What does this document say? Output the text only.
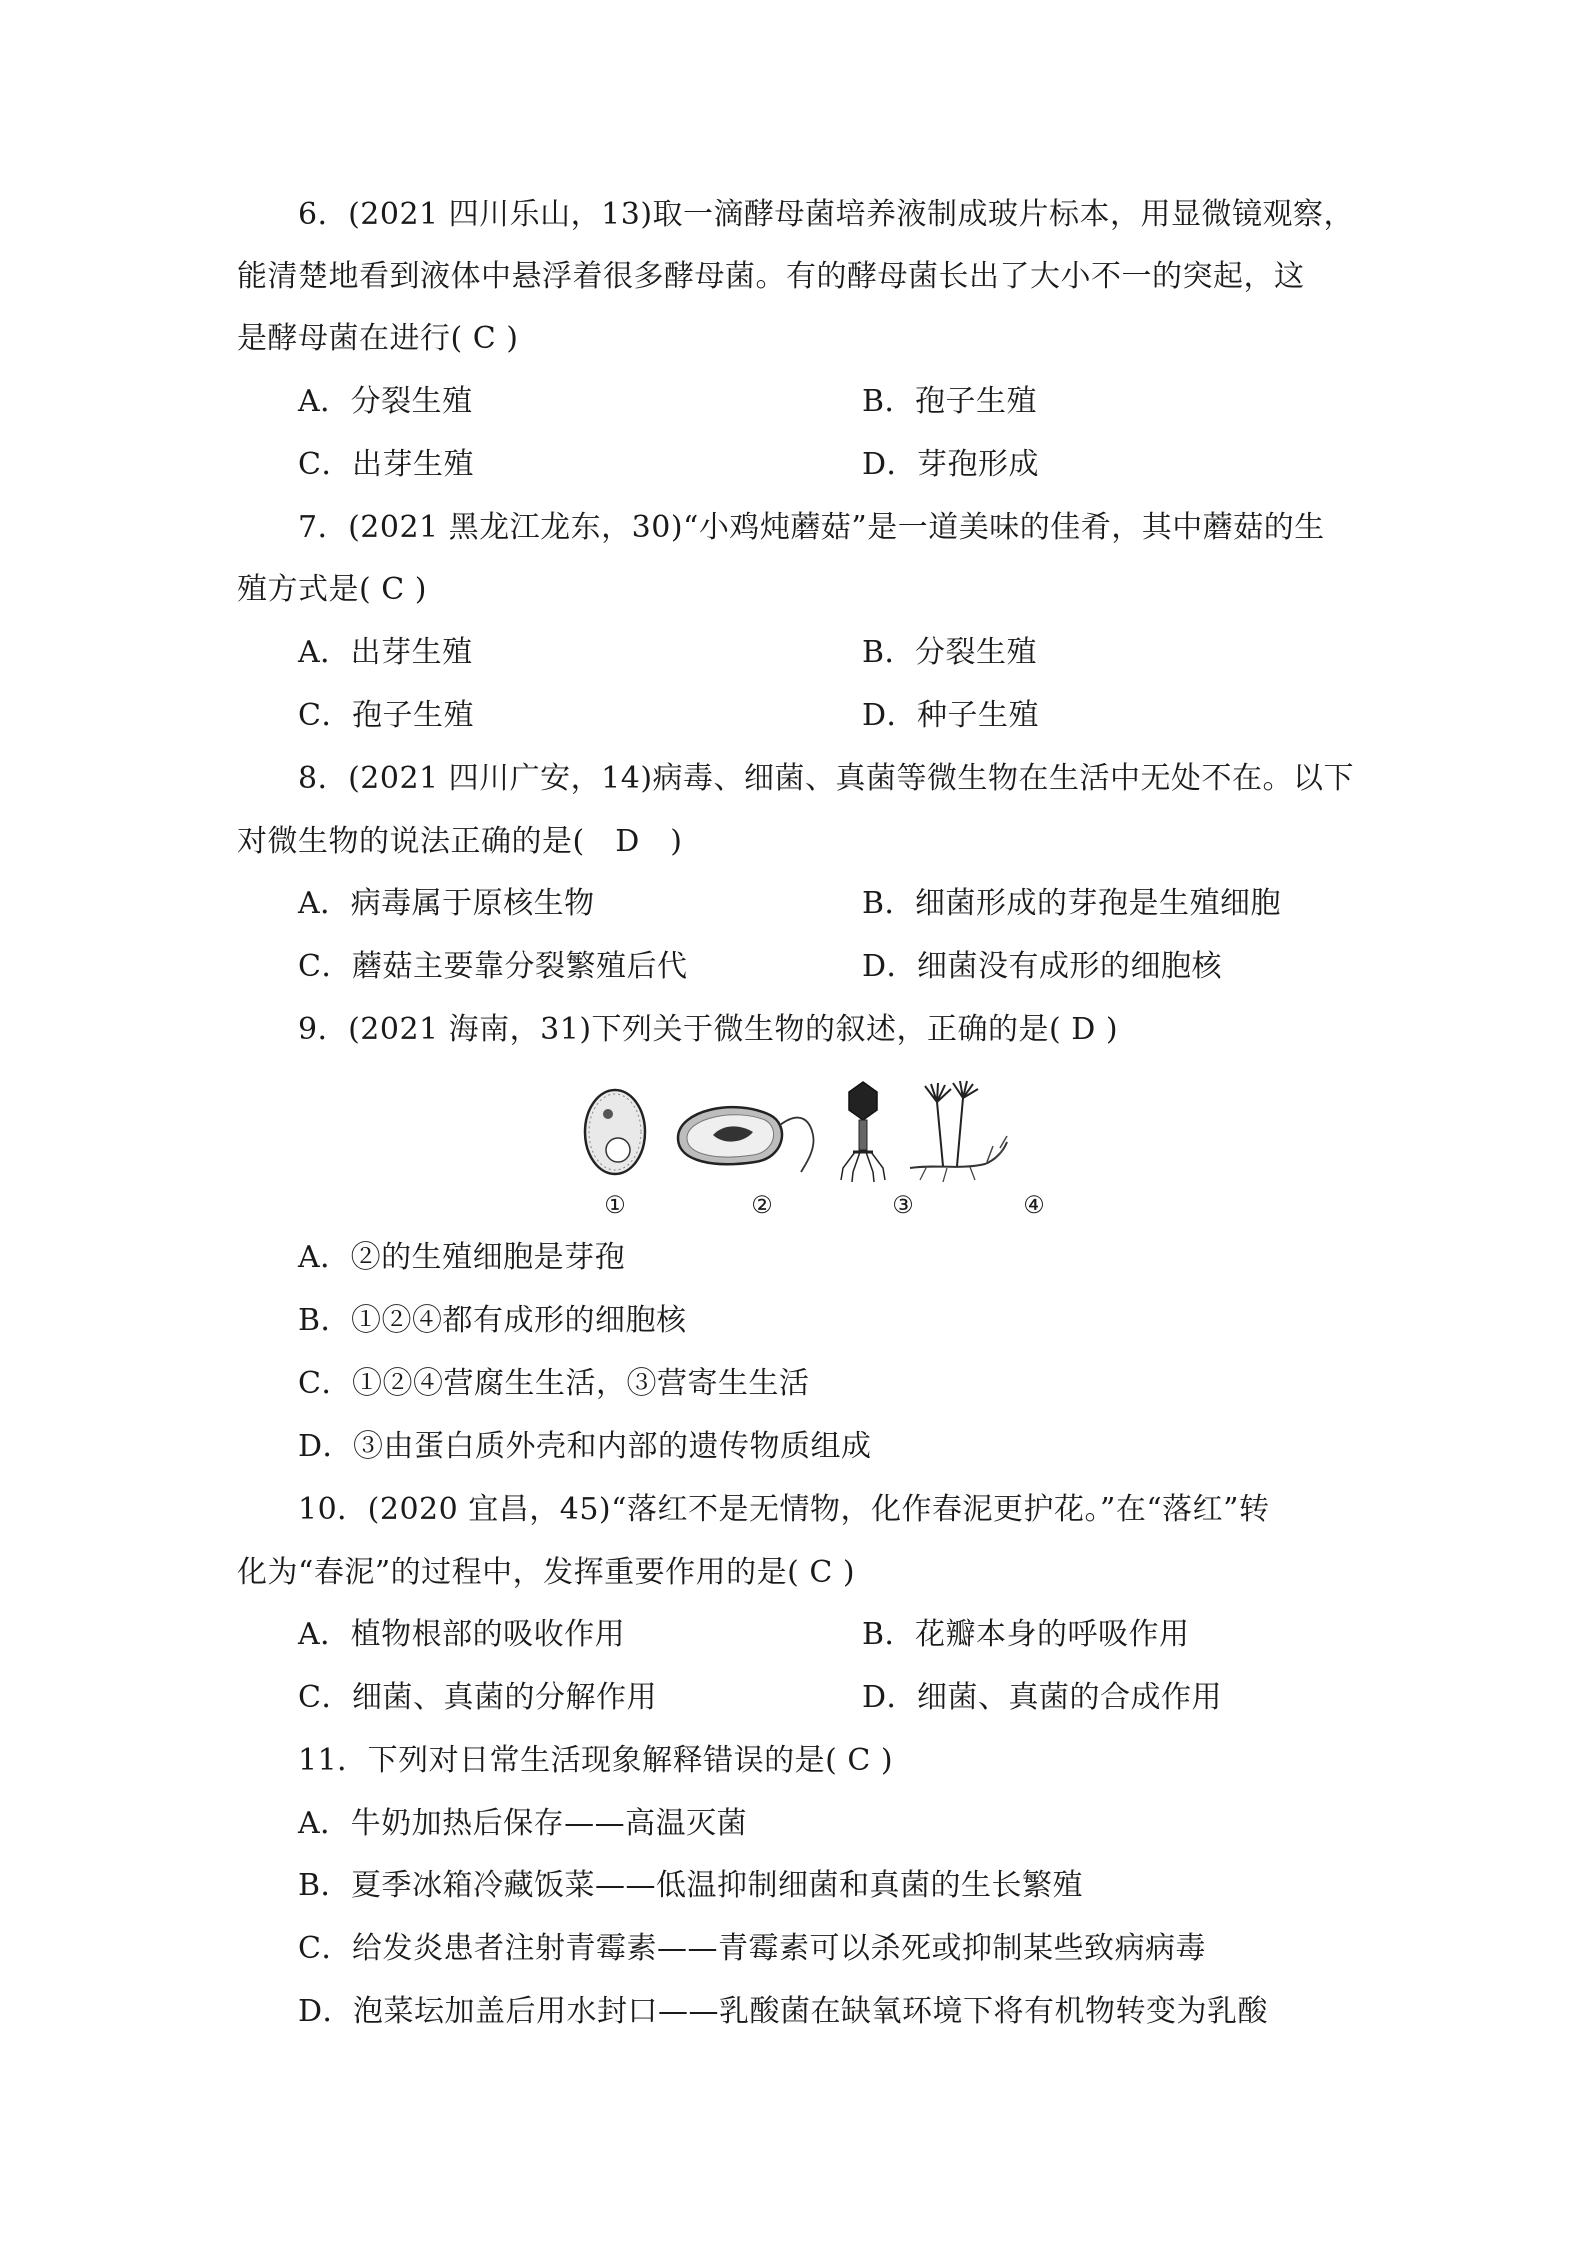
6．(2021 四川乐山，13)取一滴酵母菌培养液制成玻片标本，用显微镜观察，
能清楚地看到液体中悬浮着很多酵母菌。有的酵母菌长出了大小不一的突起，这
是酵母菌在进行( C )
A．分裂生殖	B．孢子生殖
C．出芽生殖	D．芽孢形成
7．(2021 黑龙江龙东，30)“小鸡炖蘑菇”是一道美味的佳肴，其中蘑菇的生
殖方式是( C )
A．出芽生殖	B．分裂生殖
C．孢子生殖	D．种子生殖
8．(2021 四川广安，14)病毒、细菌、真菌等微生物在生活中无处不在。以下
对微生物的说法正确的是(　D　)
A．病毒属于原核生物	B．细菌形成的芽孢是生殖细胞
C．蘑菇主要靠分裂繁殖后代	D．细菌没有成形的细胞核
9．(2021 海南，31)下列关于微生物的叙述，正确的是( D )
①	②	③	④
A．②的生殖细胞是芽孢
B．①②④都有成形的细胞核
C．①②④营腐生生活，③营寄生生活
D．③由蛋白质外壳和内部的遗传物质组成
10．(2020 宜昌，45)“落红不是无情物，化作春泥更护花。”在“落红”转
化为“春泥”的过程中，发挥重要作用的是( C )
A．植物根部的吸收作用	B．花瓣本身的呼吸作用
C．细菌、真菌的分解作用	D．细菌、真菌的合成作用
11．下列对日常生活现象解释错误的是( C )
A．牛奶加热后保存——高温灭菌
B．夏季冰箱冷藏饭菜——低温抑制细菌和真菌的生长繁殖
C．给发炎患者注射青霉素——青霉素可以杀死或抑制某些致病病毒
D．泡菜坛加盖后用水封口——乳酸菌在缺氧环境下将有机物转变为乳酸
